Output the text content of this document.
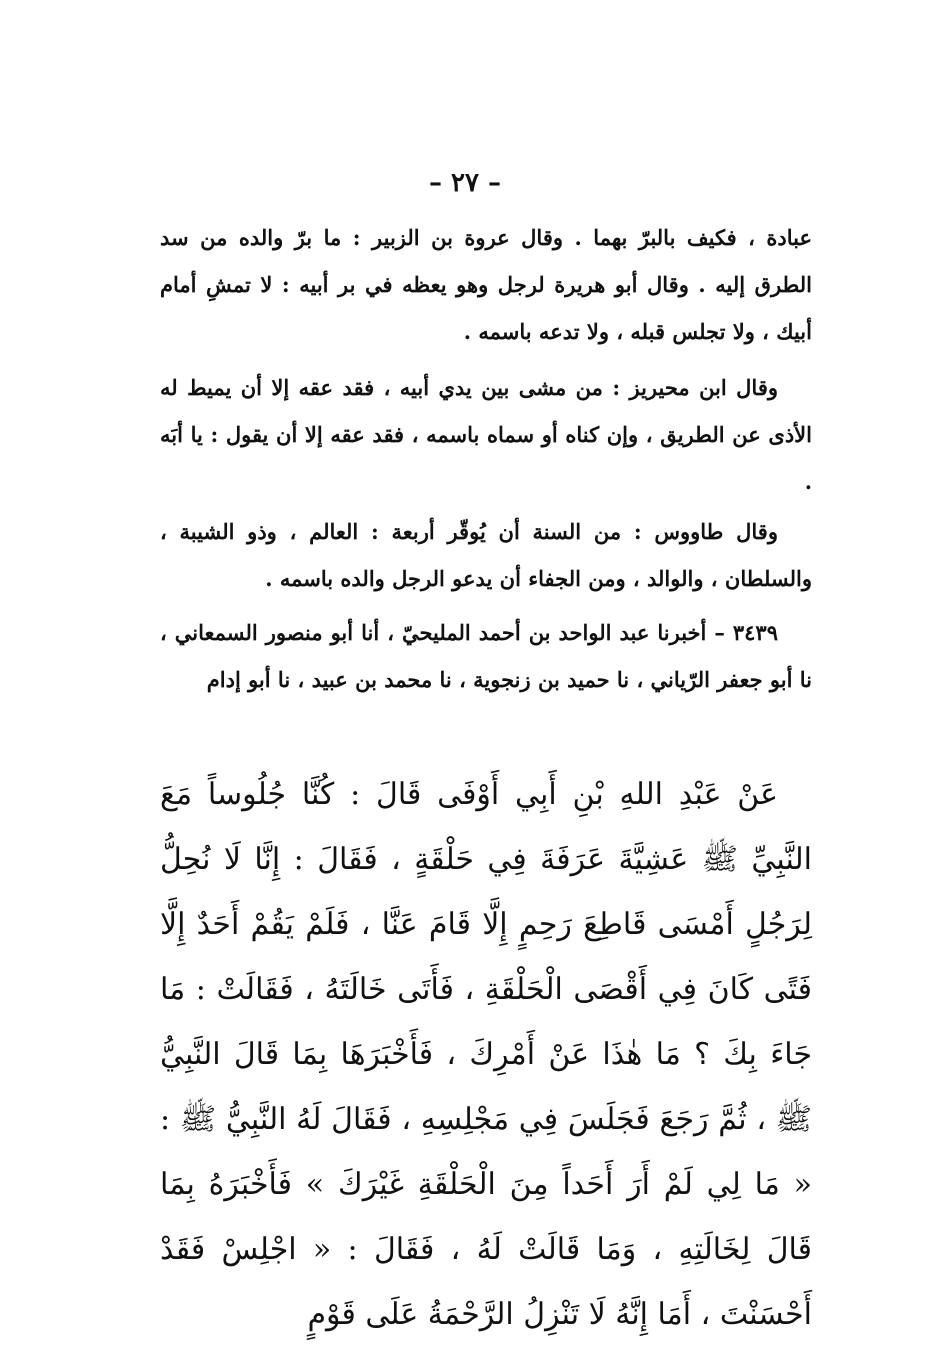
– ٢٧ –

عبادة ، فكيف بالبرّ بهما . وقال عروة بن الزبير : ما برّ والده من سد الطرق إليه . وقال أبو هريرة لرجل وهو يعظه في بر أبيه : لا تمشِ أمام أبيك ، ولا تجلس قبله ، ولا تدعه باسمه .

وقال ابن محيريز : من مشى بين يدي أبيه ، فقد عقه إلا أن يميط له الأذى عن الطريق ، وإن كناه أو سماه باسمه ، فقد عقه إلا أن يقول : يا أبَه .

وقال طاووس : من السنة أن يُوقّر أربعة : العالم ، وذو الشيبة ، والسلطان ، والوالد ، ومن الجفاء أن يدعو الرجل والده باسمه .

٣٤٣٩ – أخبرنا عبد الواحد بن أحمد المليحيّ ، أنا أبو منصور السمعاني ، نا أبو جعفر الرّياني ، نا حميد بن زنجوية ، نا محمد بن عبيد ، نا أبو إدام

عَنْ عَبْدِ اللهِ بْنِ أَبِي أَوْفَى قَالَ : كُنَّا جُلُوساً مَعَ النَّبِيِّ ﷺ عَشِيَّةَ عَرَفَةَ فِي حَلْقَةٍ ، فَقَالَ : إِنَّا لَا نُحِلُّ لِرَجُلٍ أَمْسَى قَاطِعَ رَحِمٍ إِلَّا قَامَ عَنَّا ، فَلَمْ يَقُمْ أَحَدٌ إِلَّا فَتًى كَانَ فِي أَقْصَى الْحَلْقَةِ ، فَأَتَى خَالَتَهُ ، فَقَالَتْ : مَا جَاءَ بِكَ ؟ مَا هٰذَا عَنْ أَمْرِكَ ، فَأَخْبَرَهَا بِمَا قَالَ النَّبِيُّ ﷺ ، ثُمَّ رَجَعَ فَجَلَسَ فِي مَجْلِسِهِ ، فَقَالَ لَهُ النَّبِيُّ ﷺ : « مَا لِي لَمْ أَرَ أَحَداً مِنَ الْحَلْقَةِ غَيْرَكَ » فَأَخْبَرَهُ بِمَا قَالَ لِخَالَتِهِ ، وَمَا قَالَتْ لَهُ ، فَقَالَ : « اجْلِسْ فَقَدْ أَحْسَنْتَ ، أَمَا إِنَّهُ لَا تَنْزِلُ الرَّحْمَةُ عَلَى قَوْمٍ
